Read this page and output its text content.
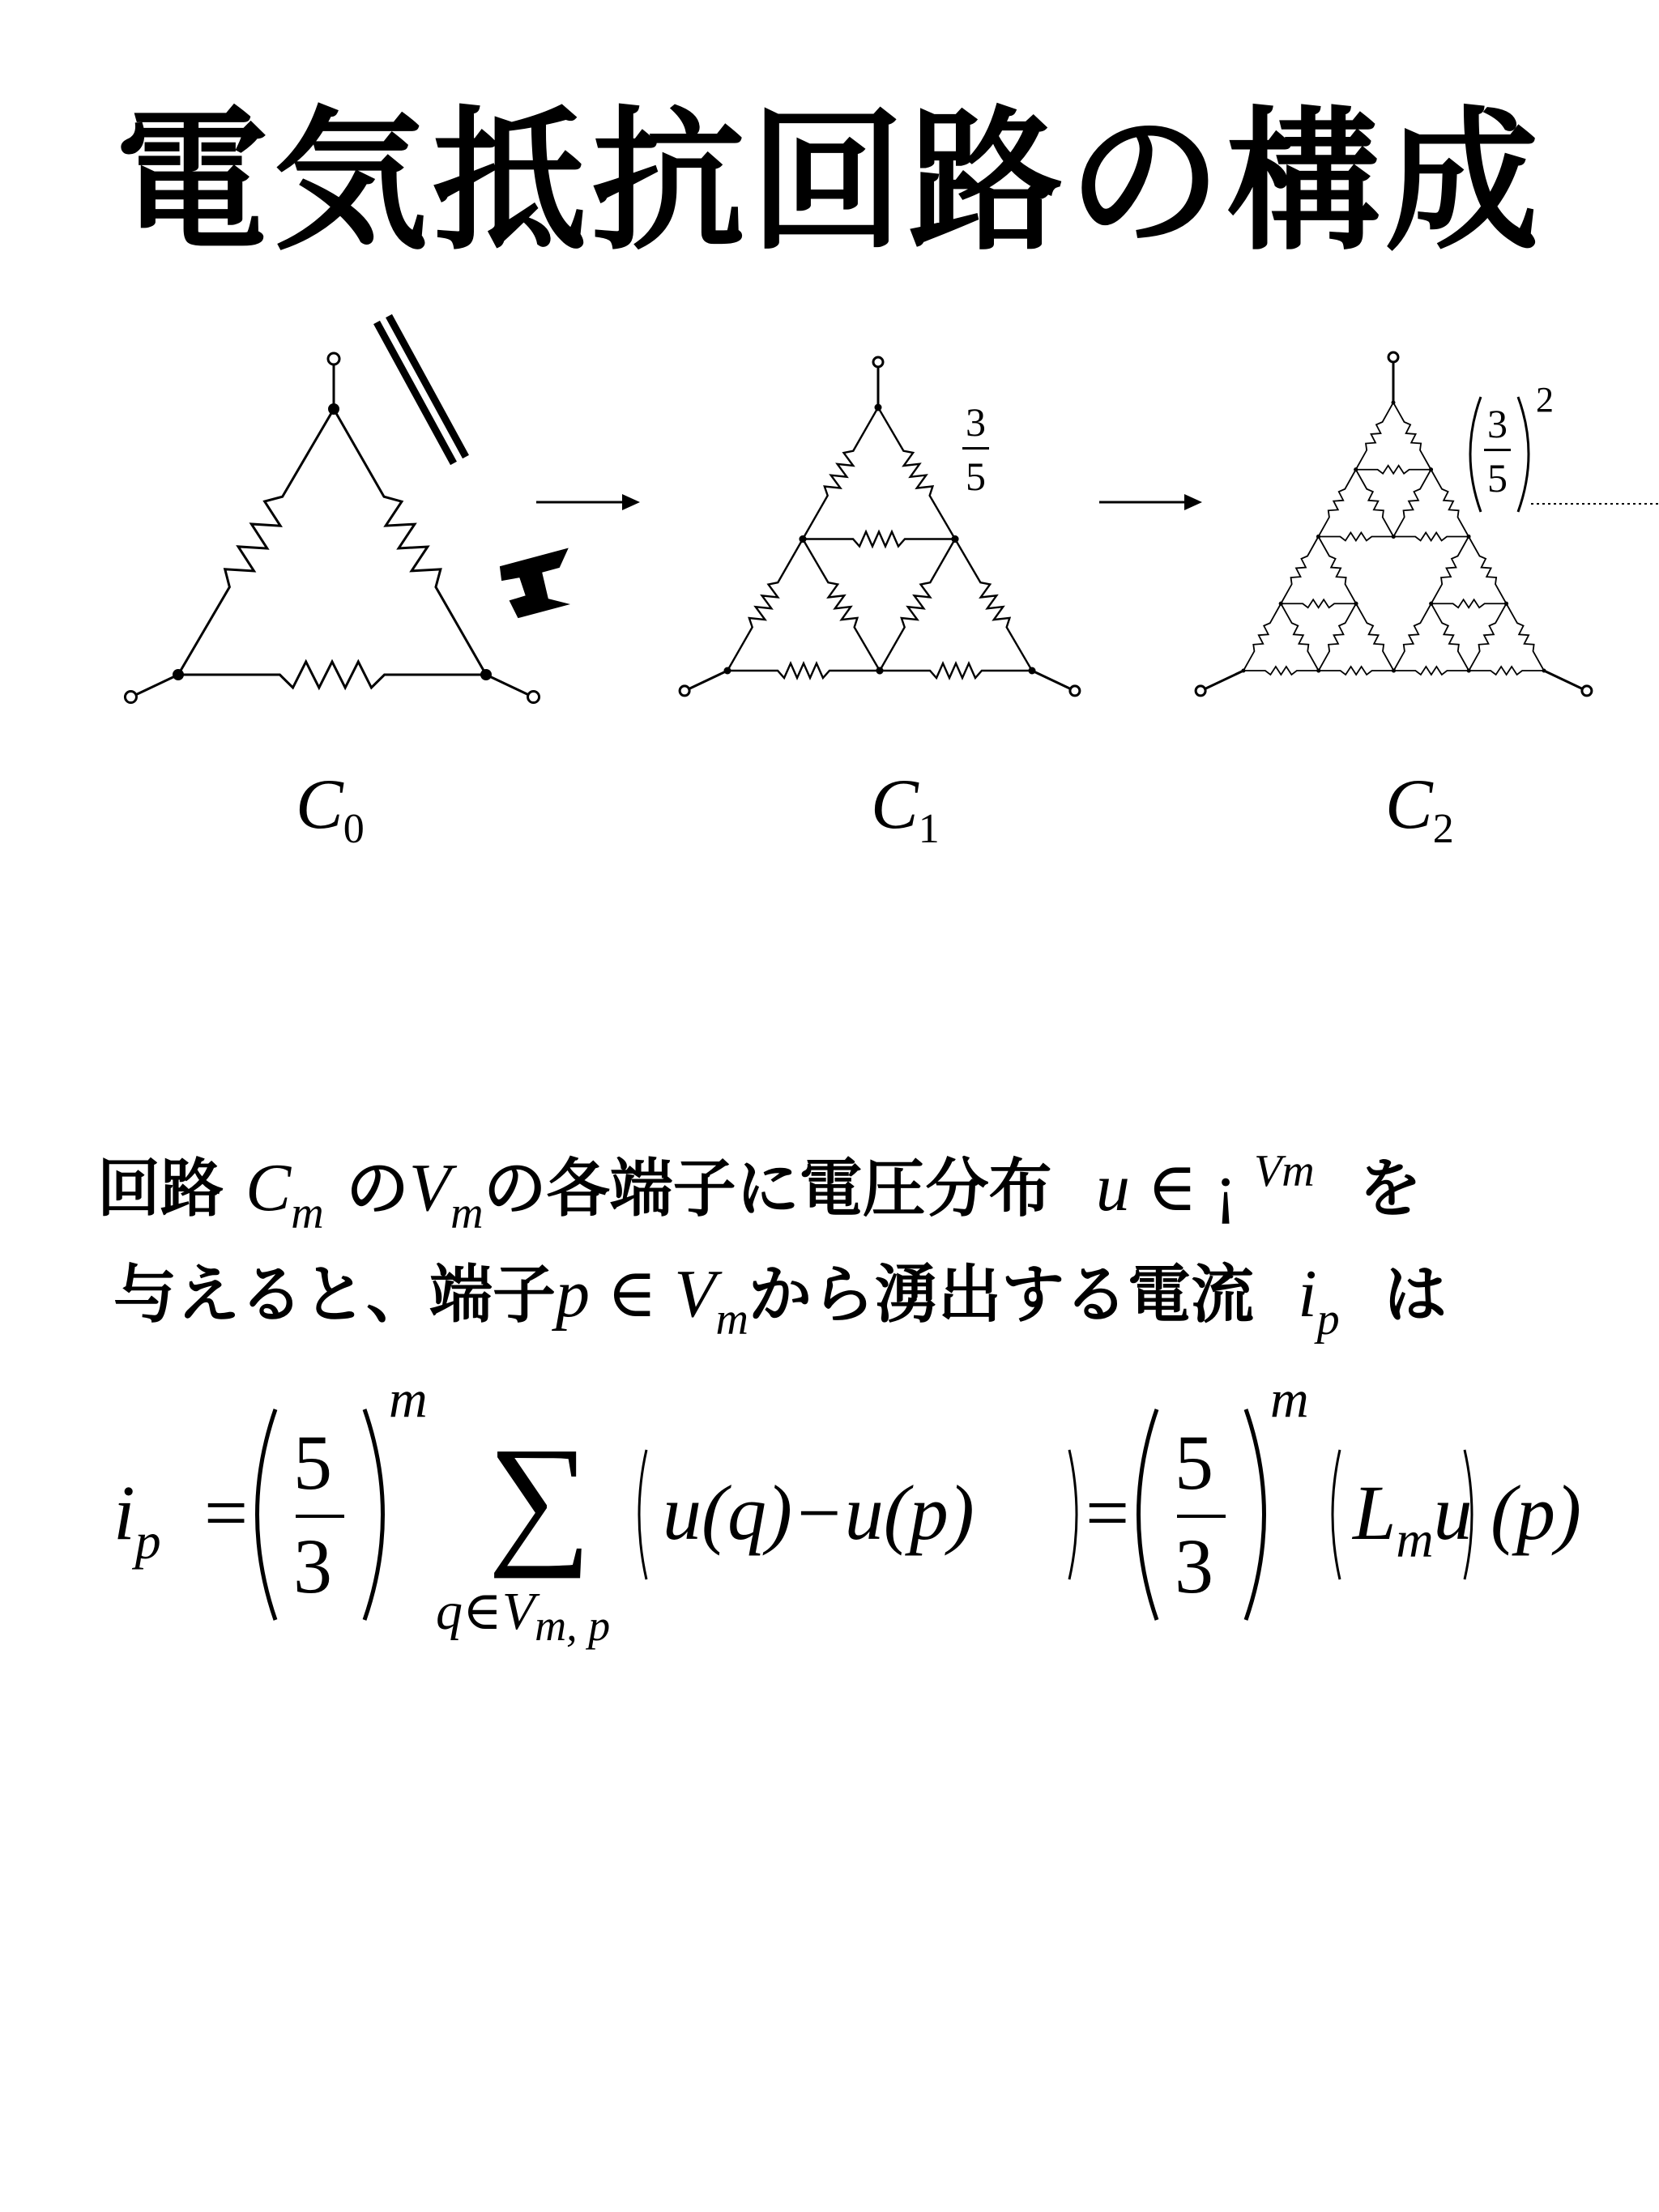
電気抵抗回路の構成
$\frac{3}{5}$	$\frac{3}{5}$
2
$C_0$	$C_1$	$C_2$
回路 $C_m$ の$V_m$の各端子に電圧分布 u ∈ ¡ $^{Vm}$ を
与えると、端子p ∈ $V_m$から湧出する電流 $i_p$ は
$i_p$ =
5
3
m
∑
$q\in V_{m, p}$
u(q)−u(p) =
5
3
m
$L_mu$ (p)
